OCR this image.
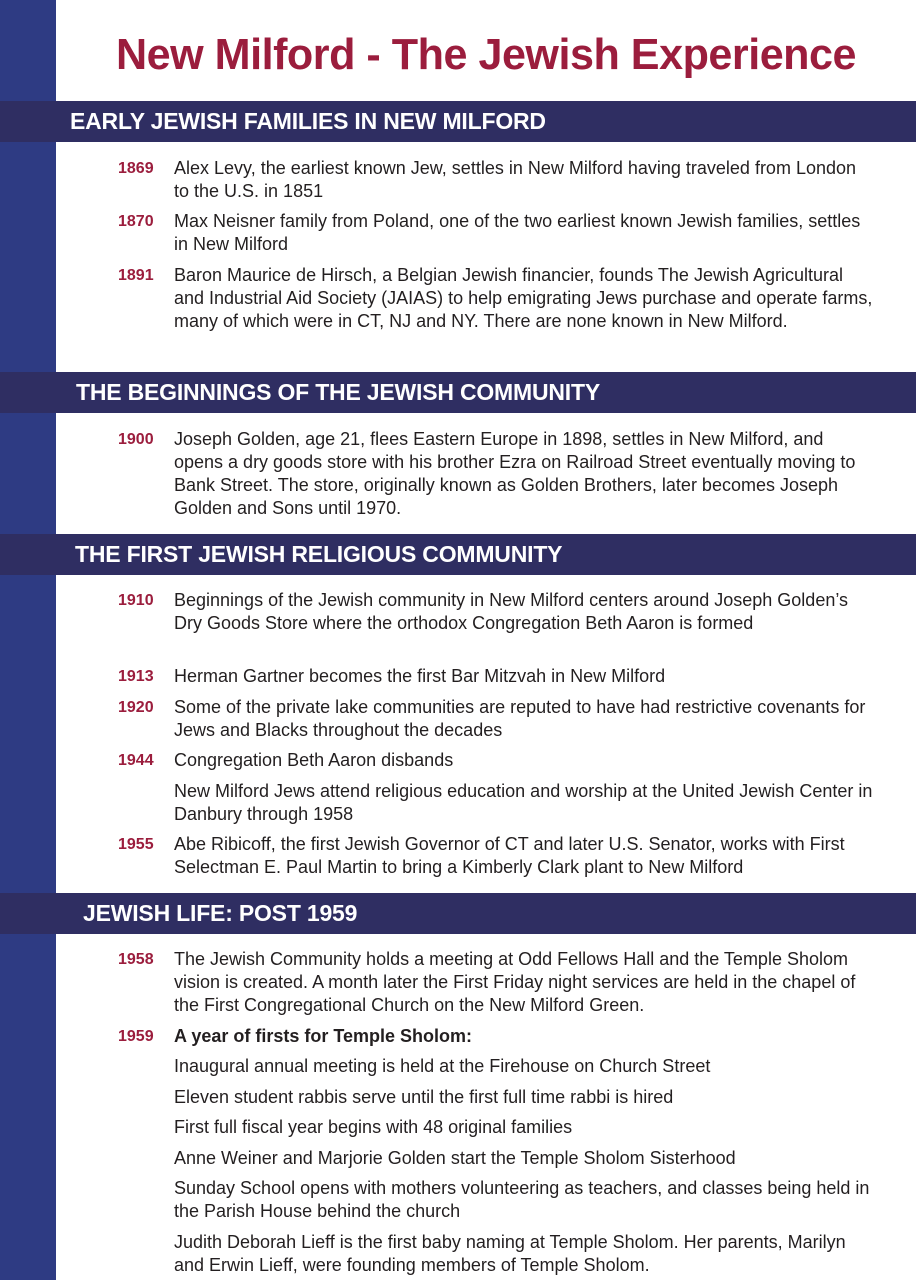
New Milford - The Jewish Experience
EARLY JEWISH FAMILIES IN NEW MILFORD
1869 Alex Levy, the earliest known Jew, settles in New Milford having traveled from London to the U.S. in 1851
1870 Max Neisner family from Poland, one of the two earliest known Jewish families, settles in New Milford
1891 Baron Maurice de Hirsch, a Belgian Jewish financier, founds The Jewish Agricultural and Industrial Aid Society (JAIAS) to help emigrating Jews purchase and operate farms, many of which were in CT, NJ and NY. There are none known in New Milford.
THE BEGINNINGS OF THE JEWISH COMMUNITY
1900 Joseph Golden, age 21, flees Eastern Europe in 1898, settles in New Milford, and opens a dry goods store with his brother Ezra on Railroad Street eventually moving to Bank Street. The store, originally known as Golden Brothers, later becomes Joseph Golden and Sons until 1970.
THE FIRST JEWISH RELIGIOUS COMMUNITY
1910 Beginnings of the Jewish community in New Milford centers around Joseph Golden’s Dry Goods Store where the orthodox Congregation Beth Aaron is formed
1913 Herman Gartner becomes the first Bar Mitzvah in New Milford
1920 Some of the private lake communities are reputed to have had restrictive covenants for Jews and Blacks throughout the decades
1944 Congregation Beth Aaron disbands
New Milford Jews attend religious education and worship at the United Jewish Center in Danbury through 1958
1955 Abe Ribicoff, the first Jewish Governor of CT and later U.S. Senator, works with First Selectman E. Paul Martin to bring a Kimberly Clark plant to New Milford
JEWISH LIFE: POST 1959
1958 The Jewish Community holds a meeting at Odd Fellows Hall and the Temple Sholom vision is created. A month later the First Friday night services are held in the chapel of the First Congregational Church on the New Milford Green.
1959 A year of firsts for Temple Sholom:
Inaugural annual meeting is held at the Firehouse on Church Street
Eleven student rabbis serve until the first full time rabbi is hired
First full fiscal year begins with 48 original families
Anne Weiner and Marjorie Golden start the Temple Sholom Sisterhood
Sunday School opens with mothers volunteering as teachers, and classes being held in the Parish House behind the church
Judith Deborah Lieff is the first baby naming at Temple Sholom. Her parents, Marilyn and Erwin Lieff, were founding members of Temple Sholom.
